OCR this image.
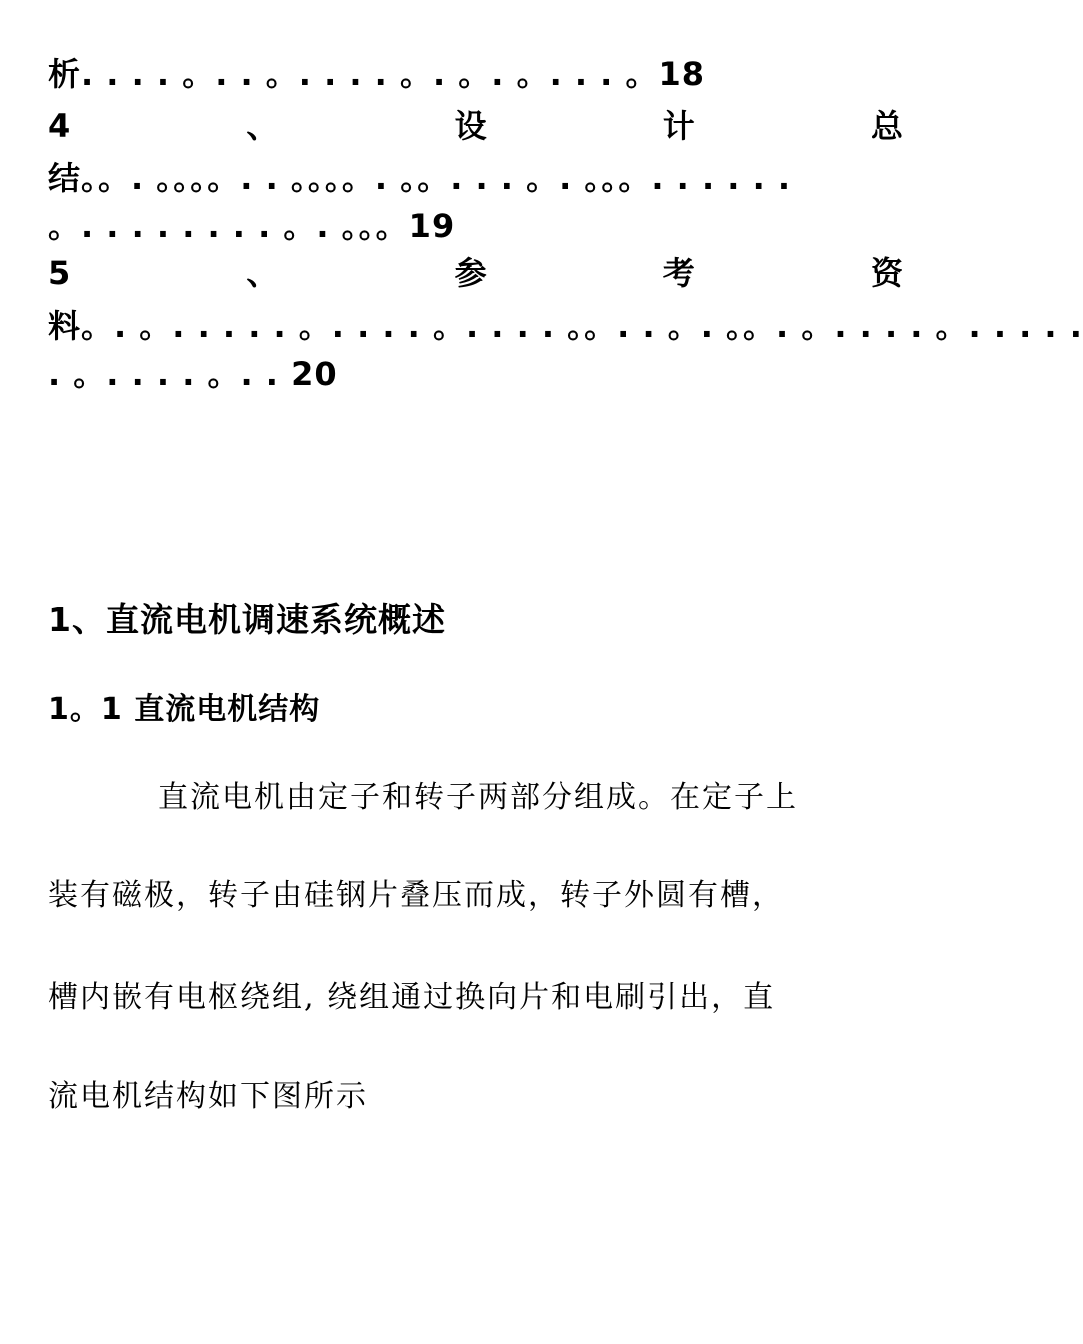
析. . . . 。. . 。. . . . 。. 。. 。. . . 。18
4	、	设	计	总
结。。. 。。。。. . 。。。。. 。。. . . 。. 。。。. . . . . .
。. . . . . . . . 。. 。。。19
5	、	参	考	资
料。. 。. . . . . 。. . . . 。. . . . 。。. . 。. 。。. 。. . . . 。. . . . .
. 。. . . . 。. . 20
1、直流电机调速系统概述
1。1 直流电机结构
直流电机由定子和转子两部分组成。在定子上
装有磁极，转子由硅钢片叠压而成，转子外圆有槽，
槽内嵌有电枢绕组, 绕组通过换向片和电刷引出，直
流电机结构如下图所示
